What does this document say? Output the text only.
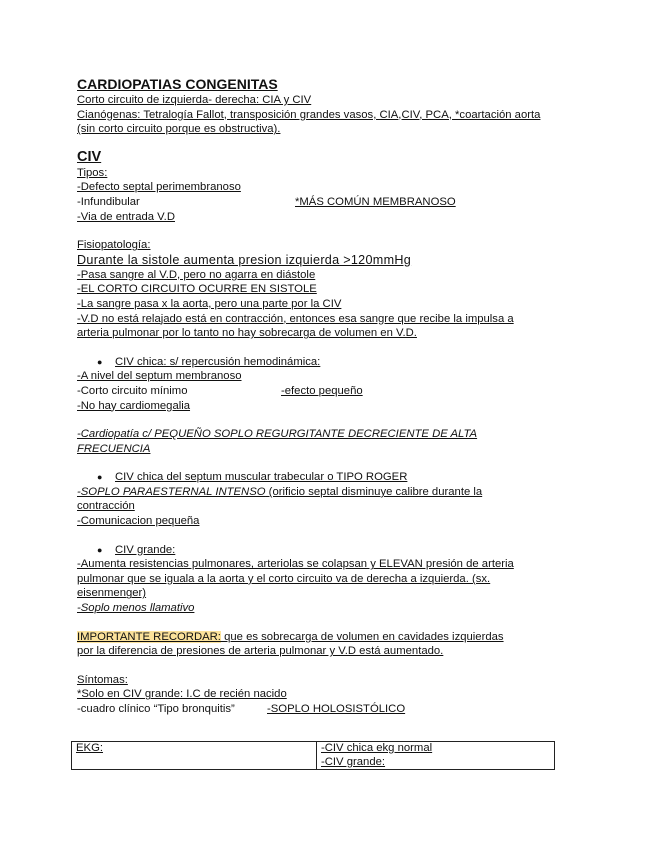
CARDIOPATIAS CONGENITAS
Corto circuito de izquierda- derecha: CIA y CIV
Cianógenas: Tetralogía Fallot, transposición grandes vasos, CIA,CIV, PCA, *coartación aorta
(sin corto circuito porque es obstructiva).
CIV
Tipos:
-Defecto septal perimembranoso
-Infundibular	*MÁS COMÚN MEMBRANOSO
-Via de entrada V.D
Fisiopatología:
Durante la sistole aumenta presion izquierda >120mmHg
-Pasa sangre al V.D, pero no agarra en diástole
-EL CORTO CIRCUITO OCURRE EN SISTOLE
-La sangre pasa x la aorta, pero una parte por la CIV
-V.D no está relajado está en contracción, entonces esa sangre que recibe la impulsa a
arteria pulmonar por lo tanto no hay sobrecarga de volumen en V.D.
● CIV chica: s/ repercusión hemodinámica:
-A nivel del septum membranoso
-Corto circuito mínimo	-efecto pequeño
-No hay cardiomegalia
-Cardiopatía c/ PEQUEÑO SOPLO REGURGITANTE DECRECIENTE DE ALTA
FRECUENCIA
● CIV chica del septum muscular trabecular o TIPO ROGER
-SOPLO PARAESTERNAL INTENSO (orificio septal disminuye calibre durante la
contracción
-Comunicacion pequeña
● CIV grande:
-Aumenta resistencias pulmonares, arteriolas se colapsan y ELEVAN presión de arteria
pulmonar que se iguala a la aorta y el corto circuito va de derecha a izquierda. (sx.
eisenmenger)
-Soplo menos llamativo
IMPORTANTE RECORDAR: que es sobrecarga de volumen en cavidades izquierdas
por la diferencia de presiones de arteria pulmonar y V.D está aumentado.
Síntomas:
*Solo en CIV grande: I.C de recién nacido
-cuadro clínico “Tipo bronquitis”	-SOPLO HOLOSISTÓLICO
EKG:	-CIV chica ekg normal
-CIV grande:
